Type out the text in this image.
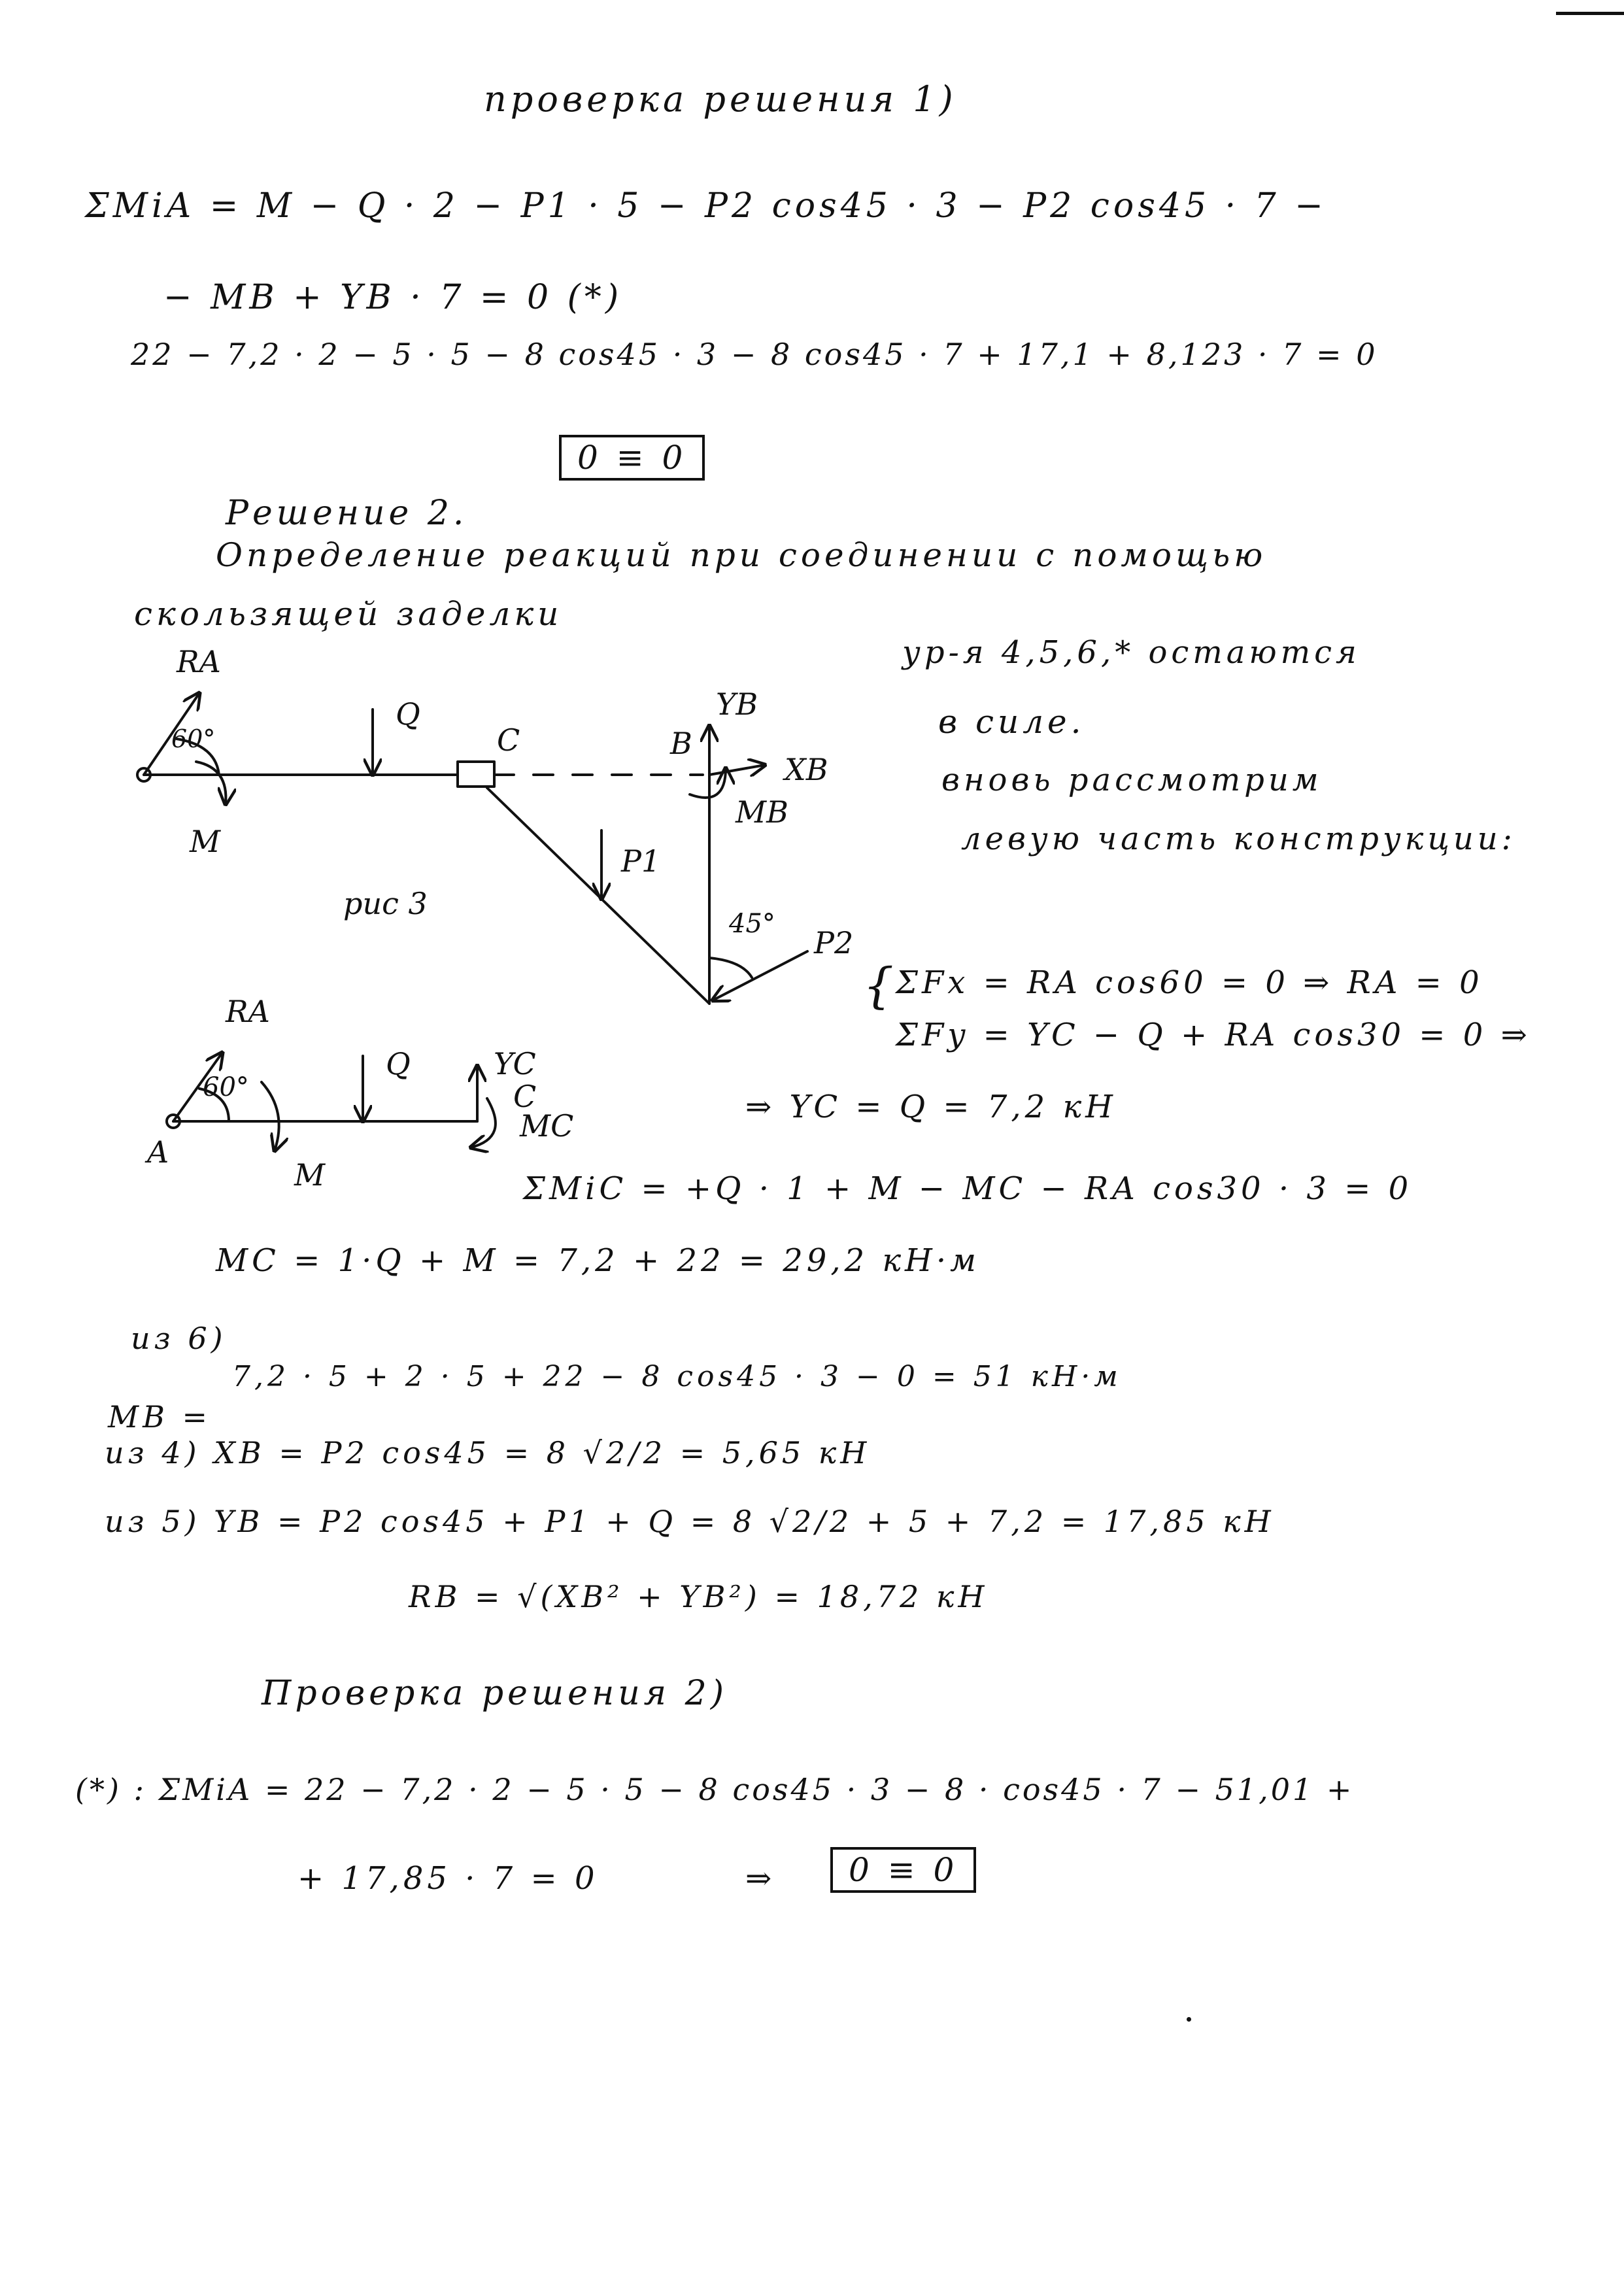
проверка решения 1)
ΣMiA = M − Q · 2 − P1 · 5 − P2 cos45 · 3 − P2 cos45 · 7 −
− MB + YB · 7 = 0 (*)
22 − 7,2 · 2 − 5 · 5 − 8 cos45 · 3 − 8 cos45 · 7 + 17,1 + 8,123 · 7 = 0
0 ≡ 0
Решение 2.
Определение реакций при соединении с помощью
скользящей заделки
ур-я 4,5,6,* остаются
в силе.
вновь рассмотрим
левую часть конструкции:
RA
60°
M
Q
C	B
YB
XB
MB
P1
45°
P2
рис 3
RA
60°
Q	YC
C
MC
A
M
{ ΣFx = RA cos60 = 0 ⇒ RA = 0
ΣFy = YC − Q + RA cos30 = 0 ⇒
⇒ YC = Q = 7,2 кН
ΣMiC = +Q · 1 + M − MC − RA cos30 · 3 = 0
MC = 1·Q + M = 7,2 + 22 = 29,2 кН·м
из 6)
7,2 · 5 + 2 · 5 + 22 − 8 cos45 · 3 − 0 = 51 кН·м
MB =
из 4) XB = P2 cos45 = 8 √2/2 = 5,65 кН
из 5) YB = P2 cos45 + P1 + Q = 8 √2/2 + 5 + 7,2 = 17,85 кН
RB = √(XB² + YB²) = 18,72 кН
Проверка решения 2)
(*) : ΣMiA = 22 − 7,2 · 2 − 5 · 5 − 8 cos45 · 3 − 8 · cos45 · 7 − 51,01 +
+ 17,85 · 7 = 0	⇒	0 ≡ 0
